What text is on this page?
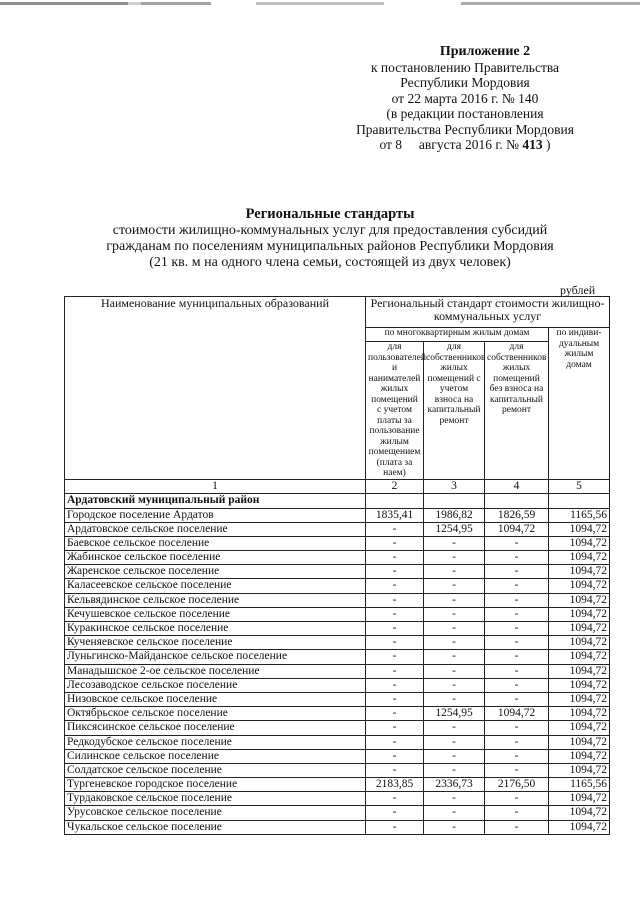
Приложение 2
к постановлению Правительства
Республики Мордовия
от 22 марта 2016 г. № 140
(в редакции постановления
Правительства Республики Мордовия
от 8     августа 2016 г. № 413 )
Региональные стандарты
стоимости жилищно-коммунальных услуг для предоставления субсидий
гражданам по поселениям муниципальных районов Республики Мордовия
(21 кв. м на одного члена семьи, состоящей из двух человек)
рублей
Наименование муниципальных образований	Региональный стандарт стоимости жилищно-коммунальных услуг			
	по многоквартирным жилым домам			по индиви-дуальным жилым домам
	для пользователей и нанимателей жилых помещений с учетом платы за пользование жилым помещением (плата за наем)	для собственников жилых помещений с учетом взноса на капитальный ремонт	для собственников жилых помещений без взноса на капитальный ремонт	
1	2	3	4	5
Ардатовский муниципальный район				
Городское поселение Ардатов	1835,41	1986,82	1826,59	1165,56
Ардатовское сельское поселение	-	1254,95	1094,72	1094,72
Баевское сельское поселение	-	-	-	1094,72
Жабинское сельское поселение	-	-	-	1094,72
Жаренское сельское поселение	-	-	-	1094,72
Каласеевское сельское поселение	-	-	-	1094,72
Кельвядинское сельское поселение	-	-	-	1094,72
Кечушевское сельское поселение	-	-	-	1094,72
Куракинское сельское поселение	-	-	-	1094,72
Кученяевское сельское поселение	-	-	-	1094,72
Луньгинско-Майданское сельское поселение	-	-	-	1094,72
Манадышское 2-ое сельское поселение	-	-	-	1094,72
Лесозаводское сельское поселение	-	-	-	1094,72
Низовское сельское поселение	-	-	-	1094,72
Октябрьское сельское поселение	-	1254,95	1094,72	1094,72
Пиксясинское сельское поселение	-	-	-	1094,72
Редкодубское сельское поселение	-	-	-	1094,72
Силинское сельское поселение	-	-	-	1094,72
Солдатское сельское поселение	-	-	-	1094,72
Тургеневское городское поселение	2183,85	2336,73	2176,50	1165,56
Турдаковское сельское поселение	-	-	-	1094,72
Урусовское сельское поселение	-	-	-	1094,72
Чукальское сельское поселение	-	-	-	1094,72
